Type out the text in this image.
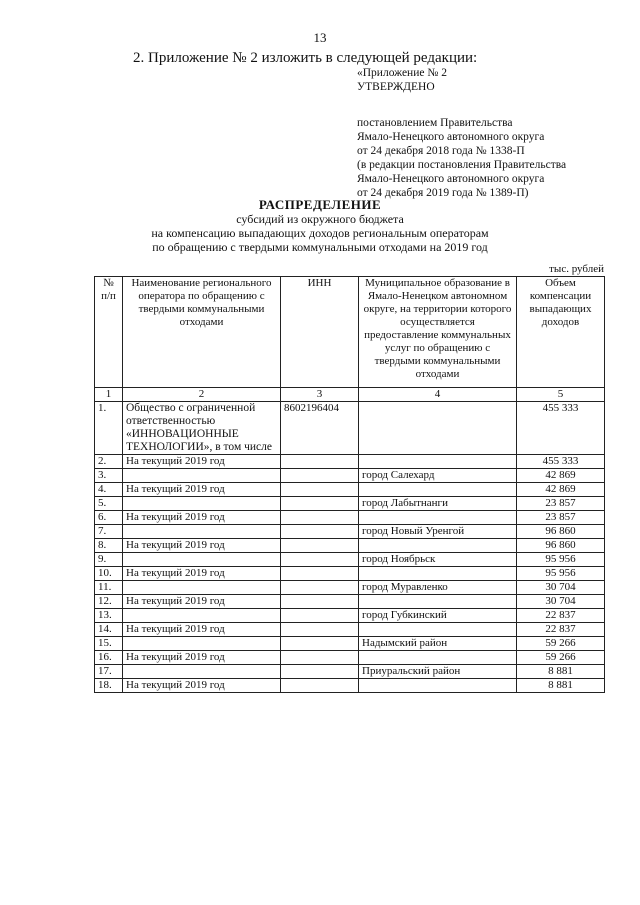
13
2. Приложение № 2 изложить в следующей редакции:
«Приложение № 2
УТВЕРЖДЕНО
постановлением Правительства
Ямало-Ненецкого автономного округа
от 24 декабря 2018 года № 1338-П
(в редакции постановления Правительства
Ямало-Ненецкого автономного округа
от 24 декабря 2019 года № 1389-П)
РАСПРЕДЕЛЕНИЕ
субсидий из окружного бюджета
на компенсацию выпадающих доходов региональным операторам
по обращению с твердыми коммунальными отходами на 2019 год
тыс. рублей
№ п/п	Наименование регионального оператора по обращению с твердыми коммунальными отходами	ИНН	Муниципальное образование в Ямало-Ненецком автономном округе, на территории которого осуществляется предоставление коммунальных услуг по обращению с твердыми коммунальными отходами	Объем компенсации выпадающих доходов
1	2	3	4	5
1.	Общество с ограниченной ответственностью «ИННОВАЦИОННЫЕ ТЕХНОЛОГИИ», в том числе	8602196404		455 333
2.	На текущий 2019 год			455 333
3.			город Салехард	42 869
4.	На текущий 2019 год			42 869
5.			город Лабытнанги	23 857
6.	На текущий 2019 год			23 857
7.			город Новый Уренгой	96 860
8.	На текущий 2019 год			96 860
9.			город Ноябрьск	95 956
10.	На текущий 2019 год			95 956
11.			город Муравленко	30 704
12.	На текущий 2019 год			30 704
13.			город Губкинский	22 837
14.	На текущий 2019 год			22 837
15.			Надымский район	59 266
16.	На текущий 2019 год			59 266
17.			Приуральский район	8 881
18.	На текущий 2019 год			8 881
